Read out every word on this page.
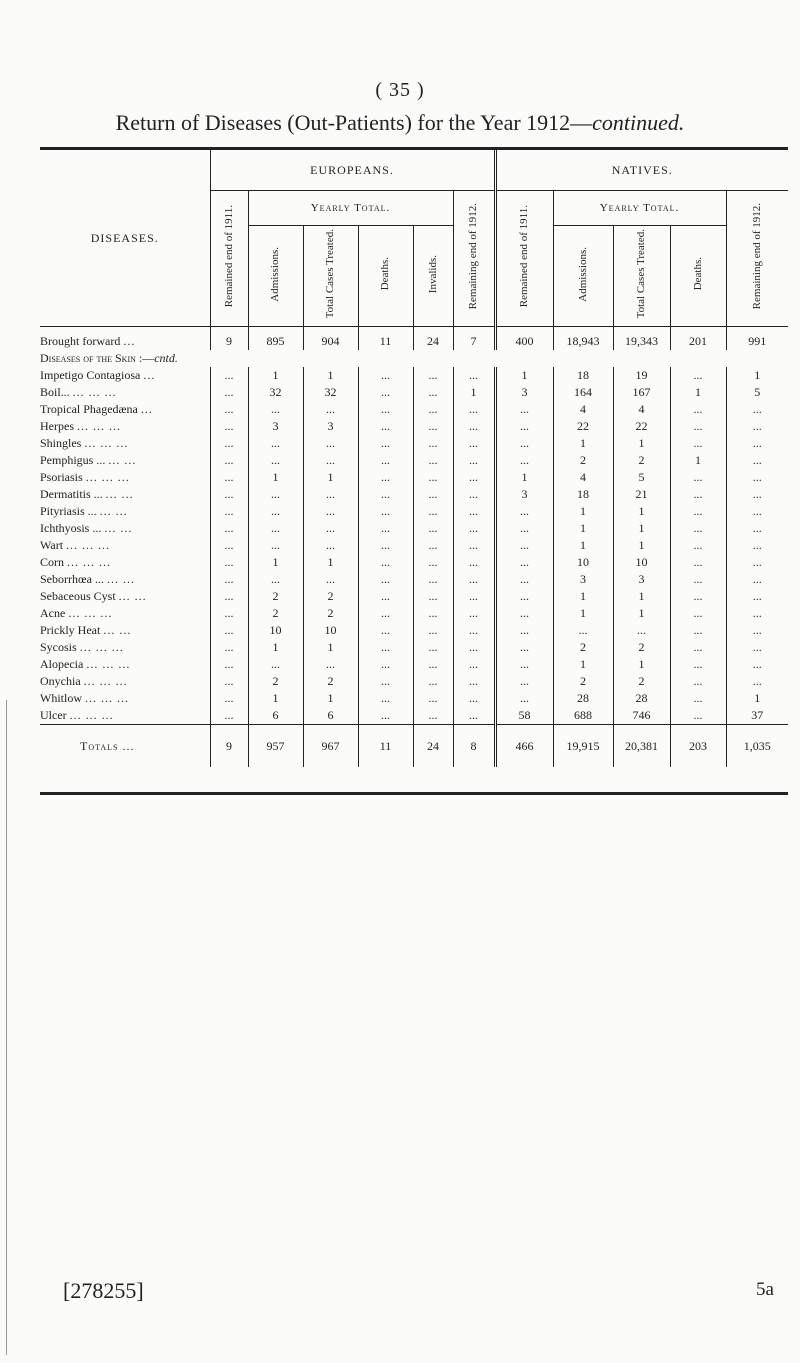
( 35 )
Return of Diseases (Out-Patients) for the Year 1912—continued.
DISEASES.	EUROPEANS.						NATIVES.				
	Remained end of 1911.	Yearly Total.				Remaining end of 1912.	Remained end of 1911.	Yearly Total.			Remaining end of 1912.
		Admissions.	Total Cases Treated.	Deaths.	Invalids.			Admissions.	Total Cases Treated.	Deaths.	
Brought forward ...	9	895	904	11	24	7	400	18,943	19,343	201	991
Diseases of the Skin :—cntd.											
Impetigo Contagiosa ...	...	1	1	...	...	...	1	18	19	...	1
Boil... ... ... ...	...	32	32	...	...	1	3	164	167	1	5
Tropical Phagedæna ...	...	...	...	...	...	...	...	4	4	...	...
Herpes ... ... ...	...	3	3	...	...	...	...	22	22	...	...
Shingles ... ... ...	...	...	...	...	...	...	...	1	1	...	...
Pemphigus ... ... ...	...	...	...	...	...	...	...	2	2	1	...
Psoriasis ... ... ...	...	1	1	...	...	...	1	4	5	...	...
Dermatitis ... ... ...	...	...	...	...	...	...	3	18	21	...	...
Pityriasis ... ... ...	...	...	...	...	...	...	...	1	1	...	...
Ichthyosis ... ... ...	...	...	...	...	...	...	...	1	1	...	...
Wart ... ... ...	...	...	...	...	...	...	...	1	1	...	...
Corn ... ... ...	...	1	1	...	...	...	...	10	10	...	...
Seborrhœa ... ... ...	...	...	...	...	...	...	...	3	3	...	...
Sebaceous Cyst ... ...	...	2	2	...	...	...	...	1	1	...	...
Acne ... ... ...	...	2	2	...	...	...	...	1	1	...	...
Prickly Heat ... ...	...	10	10	...	...	...	...	...	...	...	...
Sycosis ... ... ...	...	1	1	...	...	...	...	2	2	...	...
Alopecia ... ... ...	...	...	...	...	...	...	...	1	1	...	...
Onychia ... ... ...	...	2	2	...	...	...	...	2	2	...	...
Whitlow ... ... ...	...	1	1	...	...	...	...	28	28	...	1
Ulcer ... ... ...	...	6	6	...	...	...	58	688	746	...	37
Totals ...	9	957	967	11	24	8	466	19,915	20,381	203	1,035
[278255]	5a
